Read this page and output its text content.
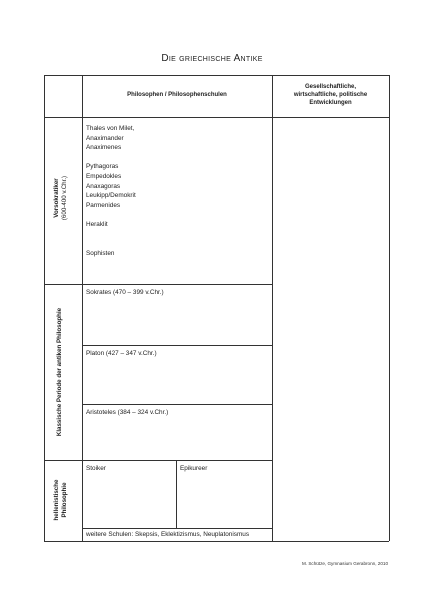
Die griechische Antike
Philosophen / Philosophenschulen
Gesellschaftliche,
wirtschaftliche, politische
Entwicklungen
Thales von Milet,
Anaximander
Anaximenes
Pythagoras
Empedokles
Anaxagoras
Leukipp/Demokrit
Parmenides
Heraklit
Sophisten
Sokrates (470 – 399 v.Chr.)
Platon (427 – 347 v.Chr.)
Aristoteles (384 – 324 v.Chr.)
Stoiker	Epikureer
weitere Schulen: Skepsis, Eklektizismus, Neuplatonismus
Vorsokratiker (600-400 v.Chr.)
Klassische Periode der antiken Philosophie
hellenistische Philosophie
M. Schütze, Gymnasium Gerabronn, 2010
